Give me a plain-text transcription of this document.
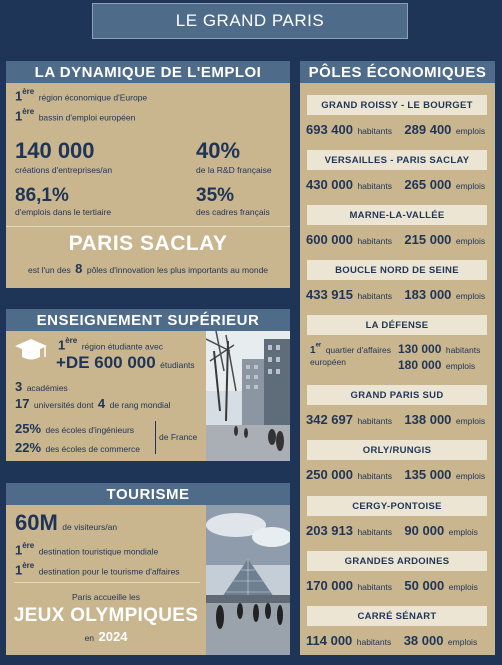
LE GRAND PARIS
LA DYNAMIQUE DE L'EMPLOI
1ère région économique d'Europe
1ère bassin d'emploi européen
140 000
créations d'entreprises/an
40%
de la R&D française
86,1%
d'emplois dans le tertiaire
35%
des cadres français
PARIS SACLAY
est l'un des 8 pôles d'innovation les plus importants au monde
ENSEIGNEMENT SUPÉRIEUR
1ère région étudiante avec
+DE 600 000 étudiants
3 académies
17 universités dont 4 de rang mondial
25% des écoles d'ingénieurs
22% des écoles de commerce
de France
TOURISME
60M de visiteurs/an
1ère destination touristique mondiale
1ère destination pour le tourisme d'affaires
Paris accueille les
JEUX OLYMPIQUES
en 2024
PÔLES ÉCONOMIQUES
GRAND ROISSY - LE BOURGET
693 400 habitants 289 400 emplois
VERSAILLES - PARIS SACLAY
430 000 habitants 265 000 emplois
MARNE-LA-VALLÉE
600 000 habitants 215 000 emplois
BOUCLE NORD DE SEINE
433 915 habitants 183 000 emplois
LA DÉFENSE
1er quartier d'affaires
européen
130 000 habitants
180 000 emplois
GRAND PARIS SUD
342 697 habitants 138 000 emplois
ORLY/RUNGIS
250 000 habitants 135 000 emplois
CERGY-PONTOISE
203 913 habitants 90 000 emplois
GRANDES ARDOINES
170 000 habitants 50 000 emplois
CARRÉ SÉNART
114 000 habitants 38 000 emplois
